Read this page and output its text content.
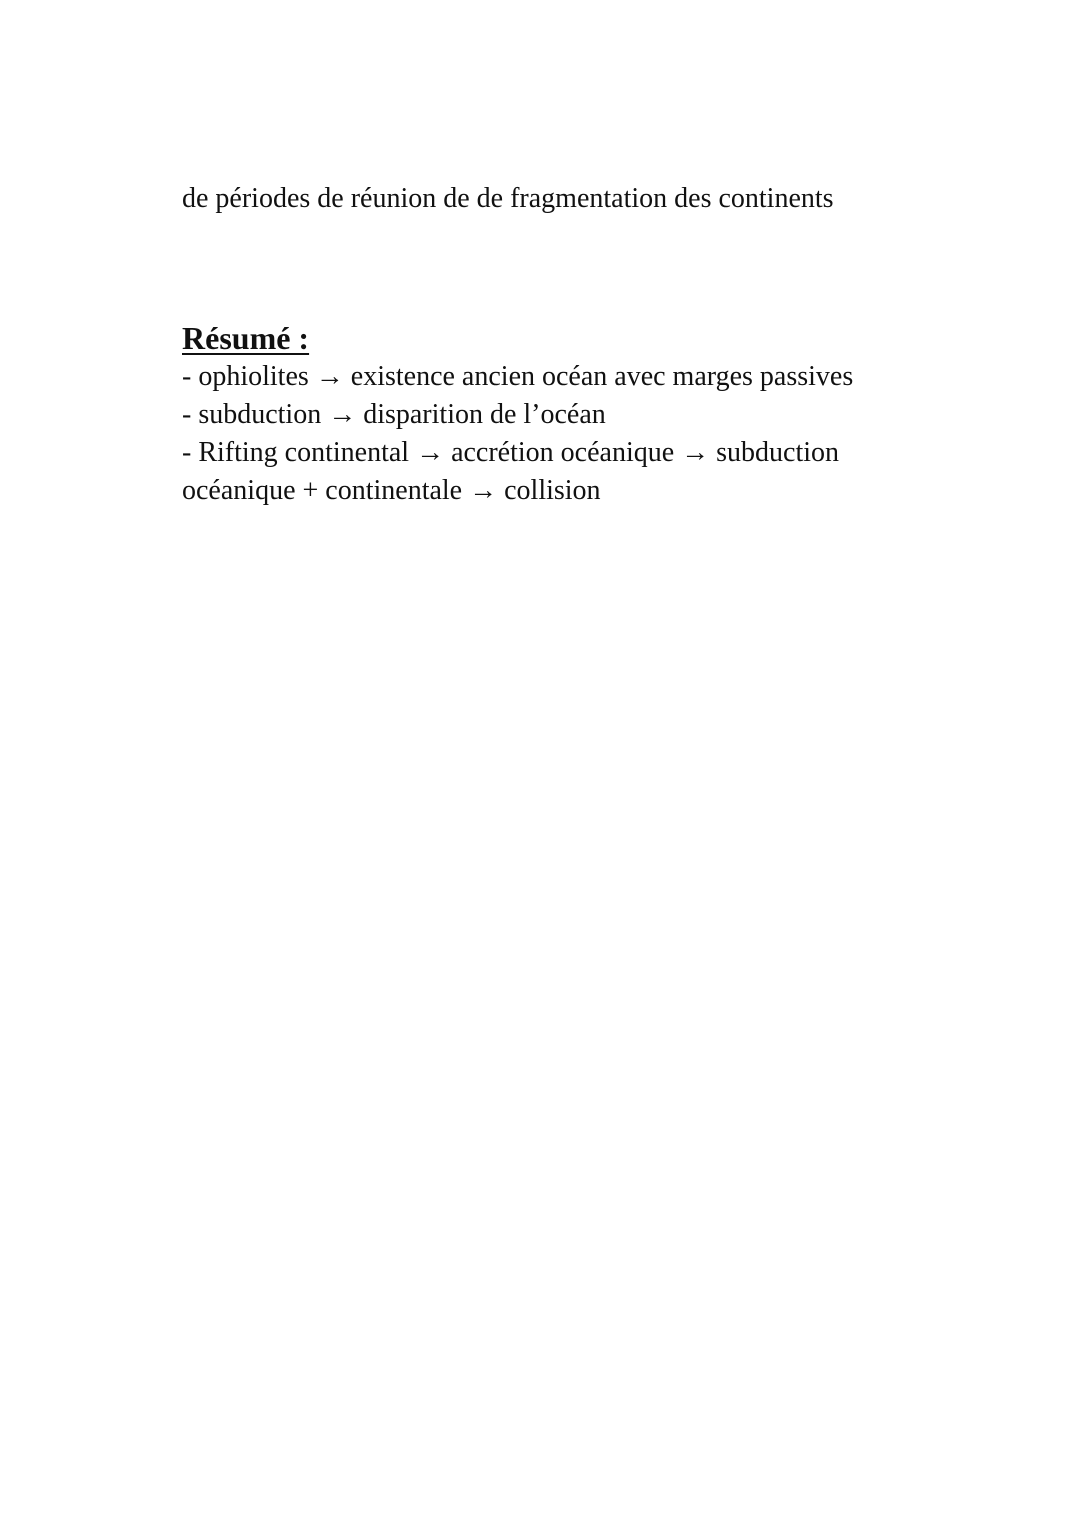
de périodes de réunion de de fragmentation des continents

Résumé :
- ophiolites → existence ancien océan avec marges passives
- subduction → disparition de l’océan
- Rifting continental → accrétion océanique → subduction océanique + continentale → collision
